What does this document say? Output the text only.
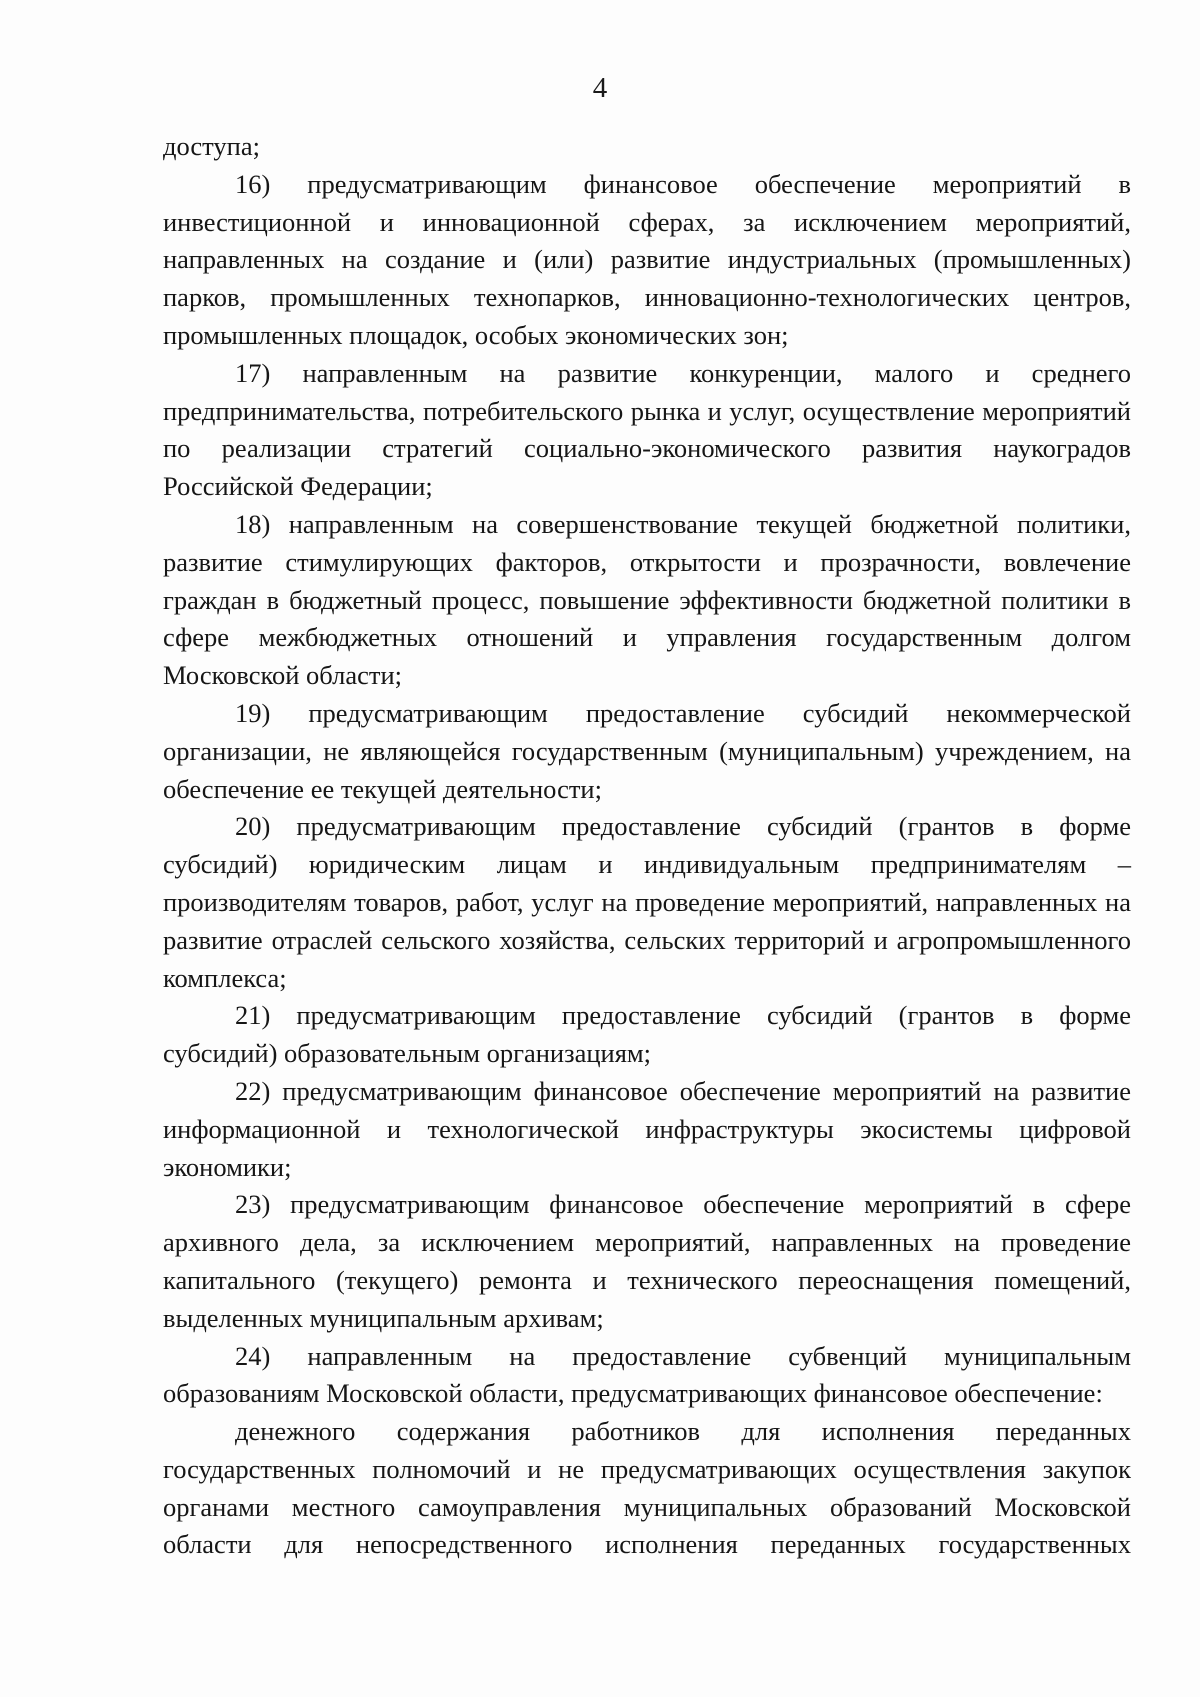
4

доступа;

16) предусматривающим финансовое обеспечение мероприятий в инвестиционной и инновационной сферах, за исключением мероприятий, направленных на создание и (или) развитие индустриальных (промышленных) парков, промышленных технопарков, инновационно-технологических центров, промышленных площадок, особых экономических зон;

17) направленным на развитие конкуренции, малого и среднего предпринимательства, потребительского рынка и услуг, осуществление мероприятий по реализации стратегий социально-экономического развития наукоградов Российской Федерации;

18) направленным на совершенствование текущей бюджетной политики, развитие стимулирующих факторов, открытости и прозрачности, вовлечение граждан в бюджетный процесс, повышение эффективности бюджетной политики в сфере межбюджетных отношений и управления государственным долгом Московской области;

19) предусматривающим предоставление субсидий некоммерческой организации, не являющейся государственным (муниципальным) учреждением, на обеспечение ее текущей деятельности;

20) предусматривающим предоставление субсидий (грантов в форме субсидий) юридическим лицам и индивидуальным предпринимателям – производителям товаров, работ, услуг на проведение мероприятий, направленных на развитие отраслей сельского хозяйства, сельских территорий и агропромышленного комплекса;

21) предусматривающим предоставление субсидий (грантов в форме субсидий) образовательным организациям;

22) предусматривающим финансовое обеспечение мероприятий на развитие информационной и технологической инфраструктуры экосистемы цифровой экономики;

23) предусматривающим финансовое обеспечение мероприятий в сфере архивного дела, за исключением мероприятий, направленных на проведение капитального (текущего) ремонта и технического переоснащения помещений, выделенных муниципальным архивам;

24) направленным на предоставление субвенций муниципальным образованиям Московской области, предусматривающих финансовое обеспечение:

денежного содержания работников для исполнения переданных государственных полномочий и не предусматривающих осуществления закупок органами местного самоуправления муниципальных образований Московской области для непосредственного исполнения переданных государственных
